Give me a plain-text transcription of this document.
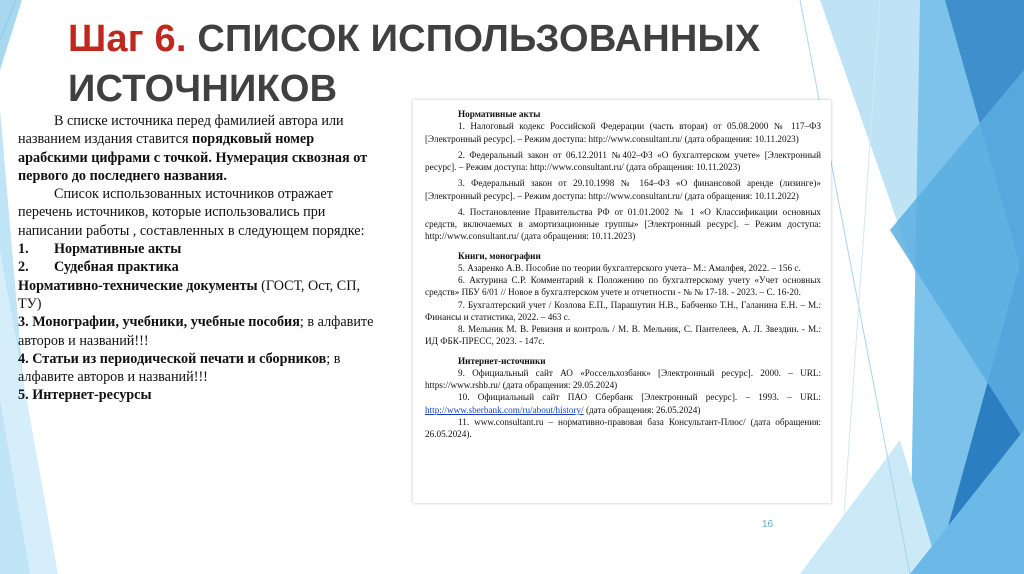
Шаг 6. СПИСОК ИСПОЛЬЗОВАННЫХ
ИСТОЧНИКОВ

В списке источника перед фамилией автора или названием издания ставится порядковый номер арабскими цифрами с точкой. Нумерация сквозная от первого до последнего названия.

Список использованных источников отражает перечень источников, которые использовались при написании работы , составленных в следующем порядке:

1. Нормативные акты

2. Судебная практика

Нормативно-технические документы (ГОСТ, Ост, СП, ТУ)

3. Монографии, учебники, учебные пособия; в алфавите авторов и названий!!!

4. Статьи из периодической печати и сборников; в алфавите авторов и названий!!!

5. Интернет-ресурсы

Нормативные акты

1. Налоговый кодекс Российской Федерации (часть вторая) от 05.08.2000 № 117–ФЗ [Электронный ресурс]. – Режим доступа: http://www.consultant.ru/ (дата обращения: 10.11.2023)

2. Федеральный закон от 06.12.2011 №402–ФЗ «О бухгалтерском учете» [Электронный ресурс]. – Режим доступа: http://www.consultant.ru/ (дата обращения: 10.11.2023)

3. Федеральный закон от 29.10.1998 № 164–ФЗ «О финансовой аренде (лизинге)» [Электронный ресурс]. – Режим доступа: http://www.consultant.ru/ (дата обращения: 10.11.2022)

4. Постановление Правительства РФ от 01.01.2002 № 1 «О Классификации основных средств, включаемых в амортизационные группы» [Электронный ресурс]. – Режим доступа: http://www.consultant.ru/ (дата обращения: 10.11.2023)

Книги, монографии

5. Азаренко А.В. Пособие по теории бухгалтерского учета– М.: Амалфея, 2022. – 156 с.

6. Актурина С.Р. Комментарий к Положению по бухгалтерскому учету «Учет основных средств» ПБУ 6/01 // Новое в бухгалтерском учете и отчетности - № № 17-18. - 2023. – С. 16-20.

7. Бухгалтерский учет / Козлова Е.П., Парашутин Н.В., Бабченко Т.Н., Галанина Е.Н. – М.: Финансы и статистика, 2022. – 463 с.

8. Мельник М. В. Ревизия и контроль / М. В. Мельник, С. Пантелеев, А. Л. Звездин. - М.: ИД ФБК-ПРЕСС, 2023. - 147с.

Интернет-источники

9. Официальный сайт АО «Россельхозбанк» [Электронный ресурс]. 2000. – URL: https://www.rshb.ru/ (дата обращения: 29.05.2024)

10. Официальный сайт ПАО Сбербанк [Электронный ресурс]. – 1993. – URL: http://www.sberbank.com/ru/about/history/ (дата обращения: 26.05.2024)

11. www.consultant.ru – нормативно-правовая база Консультант-Плюс/ (дата обращения: 26.05.2024).

16
